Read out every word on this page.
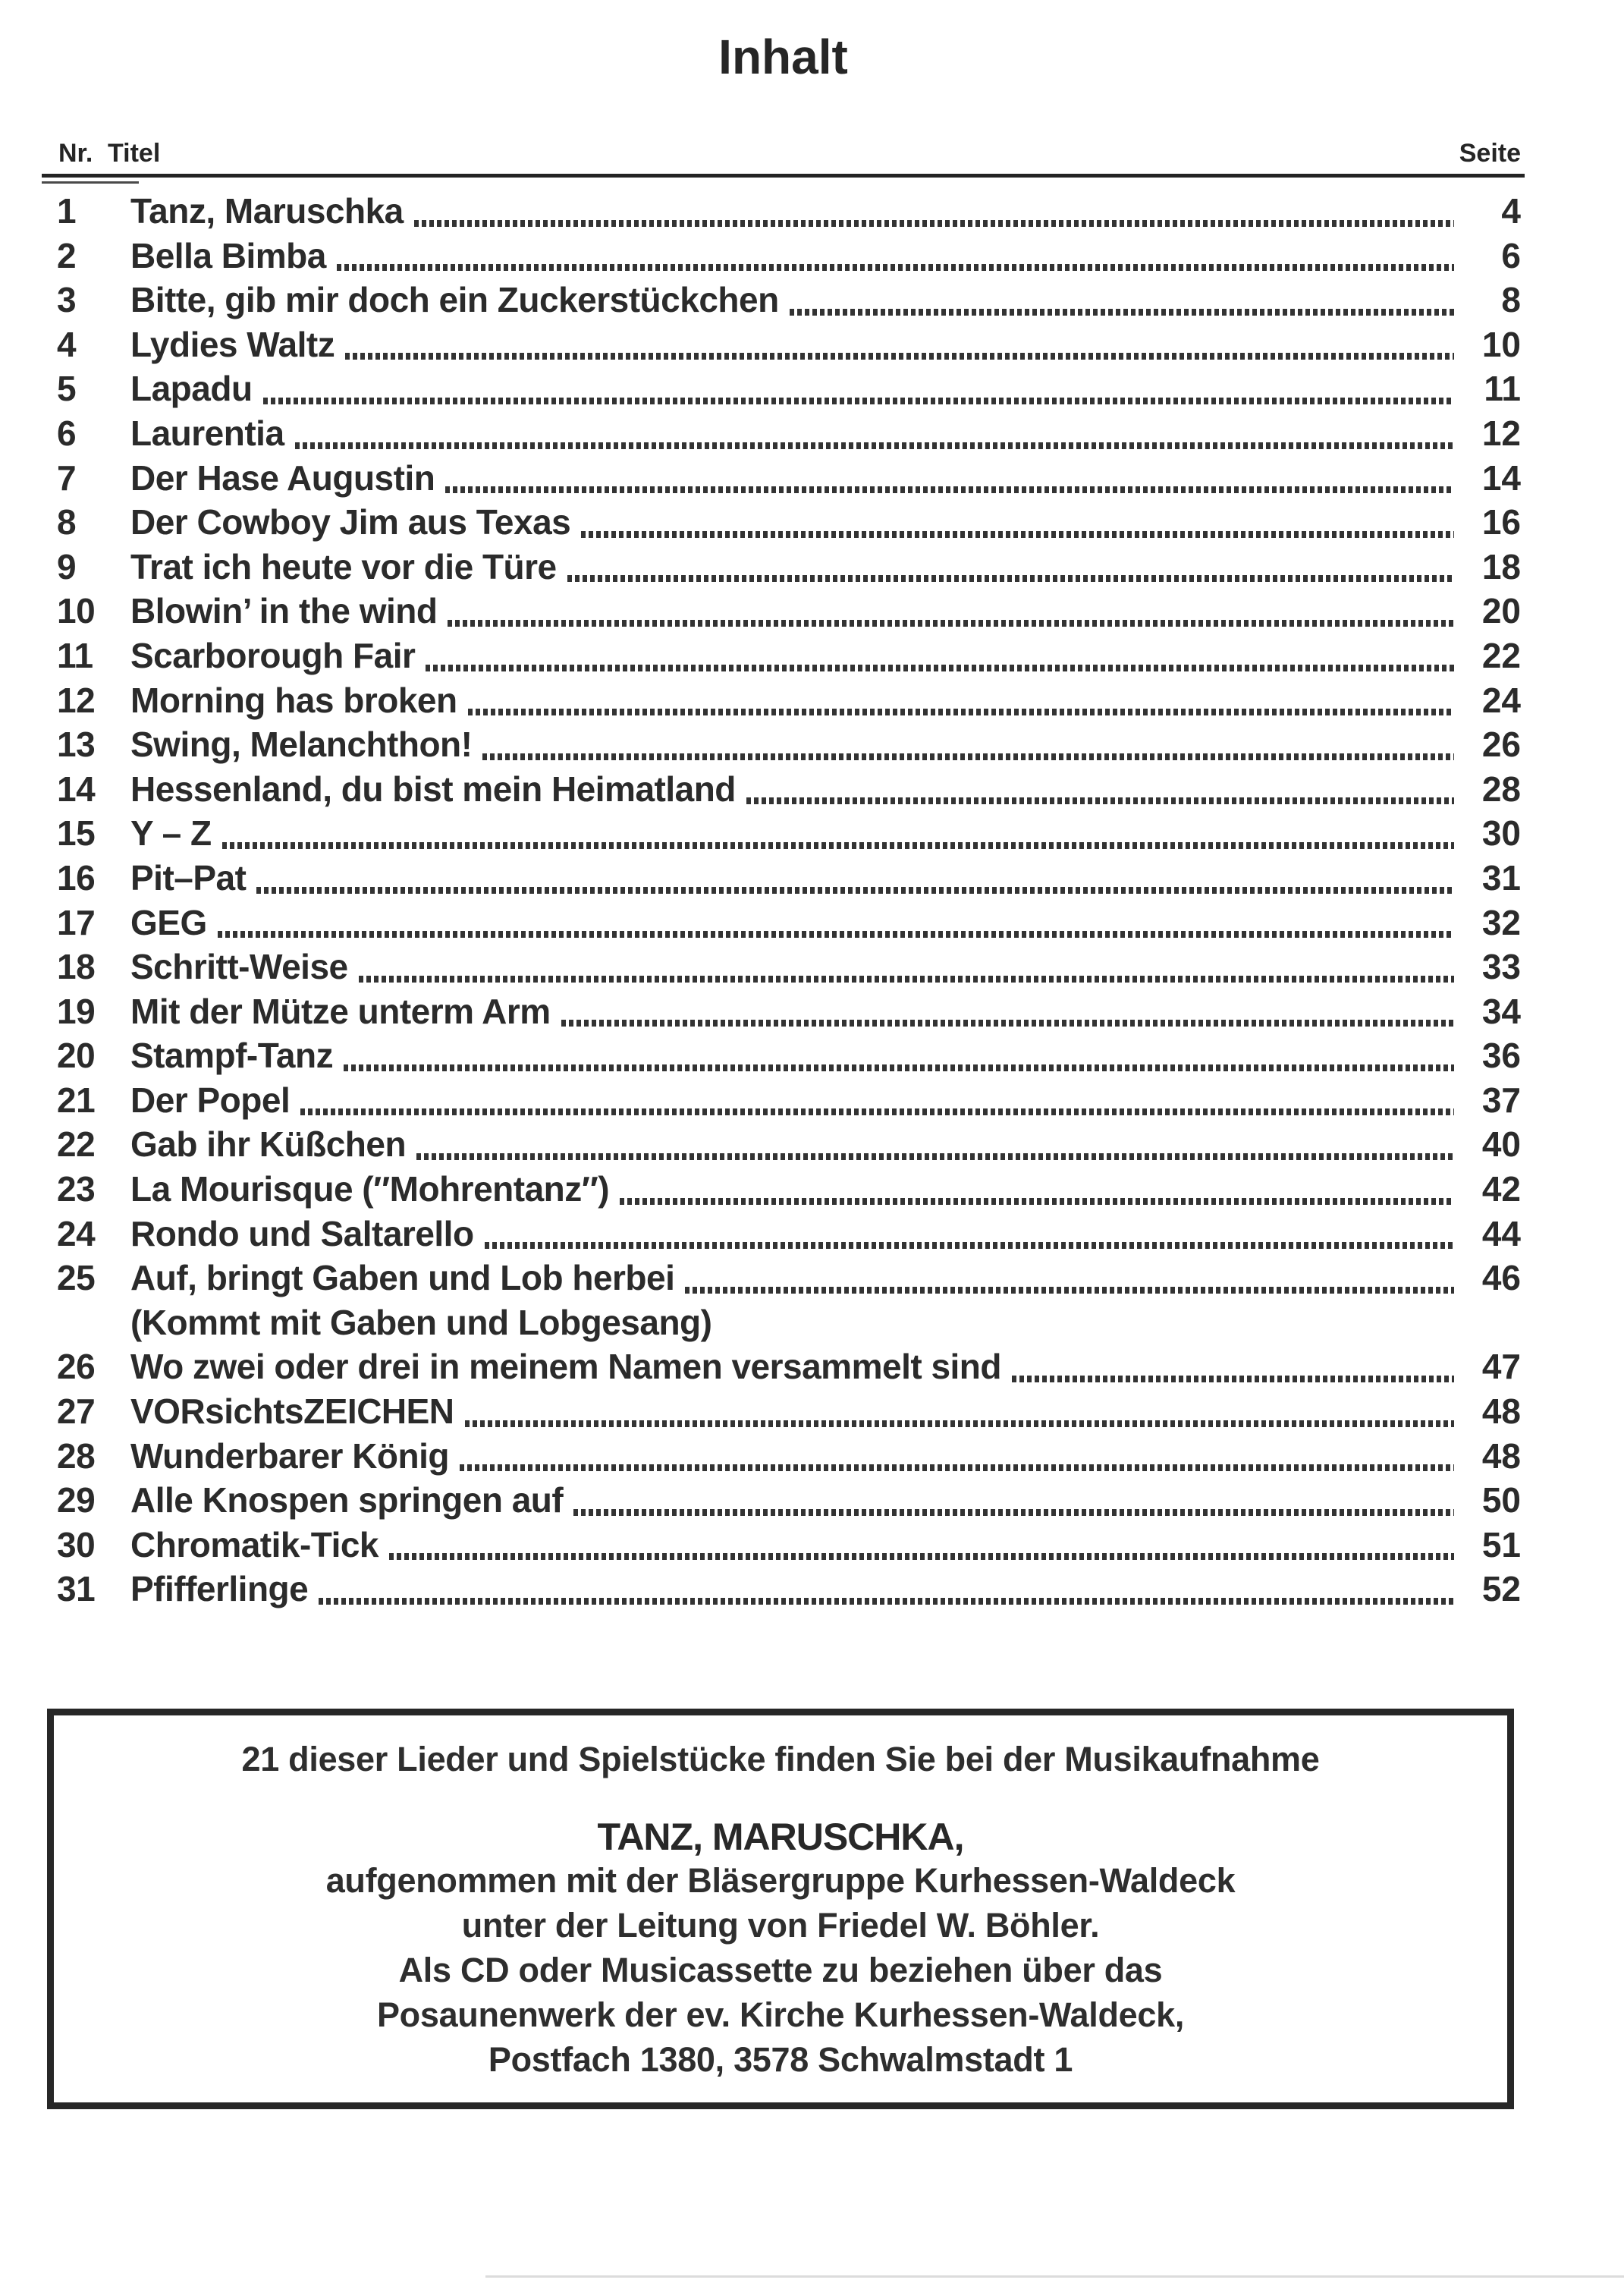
Inhalt
Nr. Titel	Seite
1	Tanz, Maruschka	4
2	Bella Bimba	6
3	Bitte, gib mir doch ein Zuckerstückchen	8
4	Lydies Waltz	10
5	Lapadu	11
6	Laurentia	12
7	Der Hase Augustin	14
8	Der Cowboy Jim aus Texas	16
9	Trat ich heute vor die Türe	18
10	Blowin’ in the wind	20
11	Scarborough Fair	22
12	Morning has broken	24
13	Swing, Melanchthon!	26
14	Hessenland, du bist mein Heimatland	28
15	Y – Z	30
16	Pit–Pat	31
17	GEG	32
18	Schritt-Weise	33
19	Mit der Mütze unterm Arm	34
20	Stampf-Tanz	36
21	Der Popel	37
22	Gab ihr Küßchen	40
23	La Mourisque (″Mohrentanz″)	42
24	Rondo und Saltarello	44
25	Auf, bringt Gaben und Lob herbei	46
(Kommt mit Gaben und Lobgesang)
26	Wo zwei oder drei in meinem Namen versammelt sind	47
27	VORsichtsZEICHEN	48
28	Wunderbarer König	48
29	Alle Knospen springen auf	50
30	Chromatik-Tick	51
31	Pfifferlinge	52
21 dieser Lieder und Spielstücke finden Sie bei der Musikaufnahme
TANZ, MARUSCHKA,
aufgenommen mit der Bläsergruppe Kurhessen-Waldeck
unter der Leitung von Friedel W. Böhler.
Als CD oder Musicassette zu beziehen über das
Posaunenwerk der ev. Kirche Kurhessen-Waldeck,
Postfach 1380, 3578 Schwalmstadt 1
